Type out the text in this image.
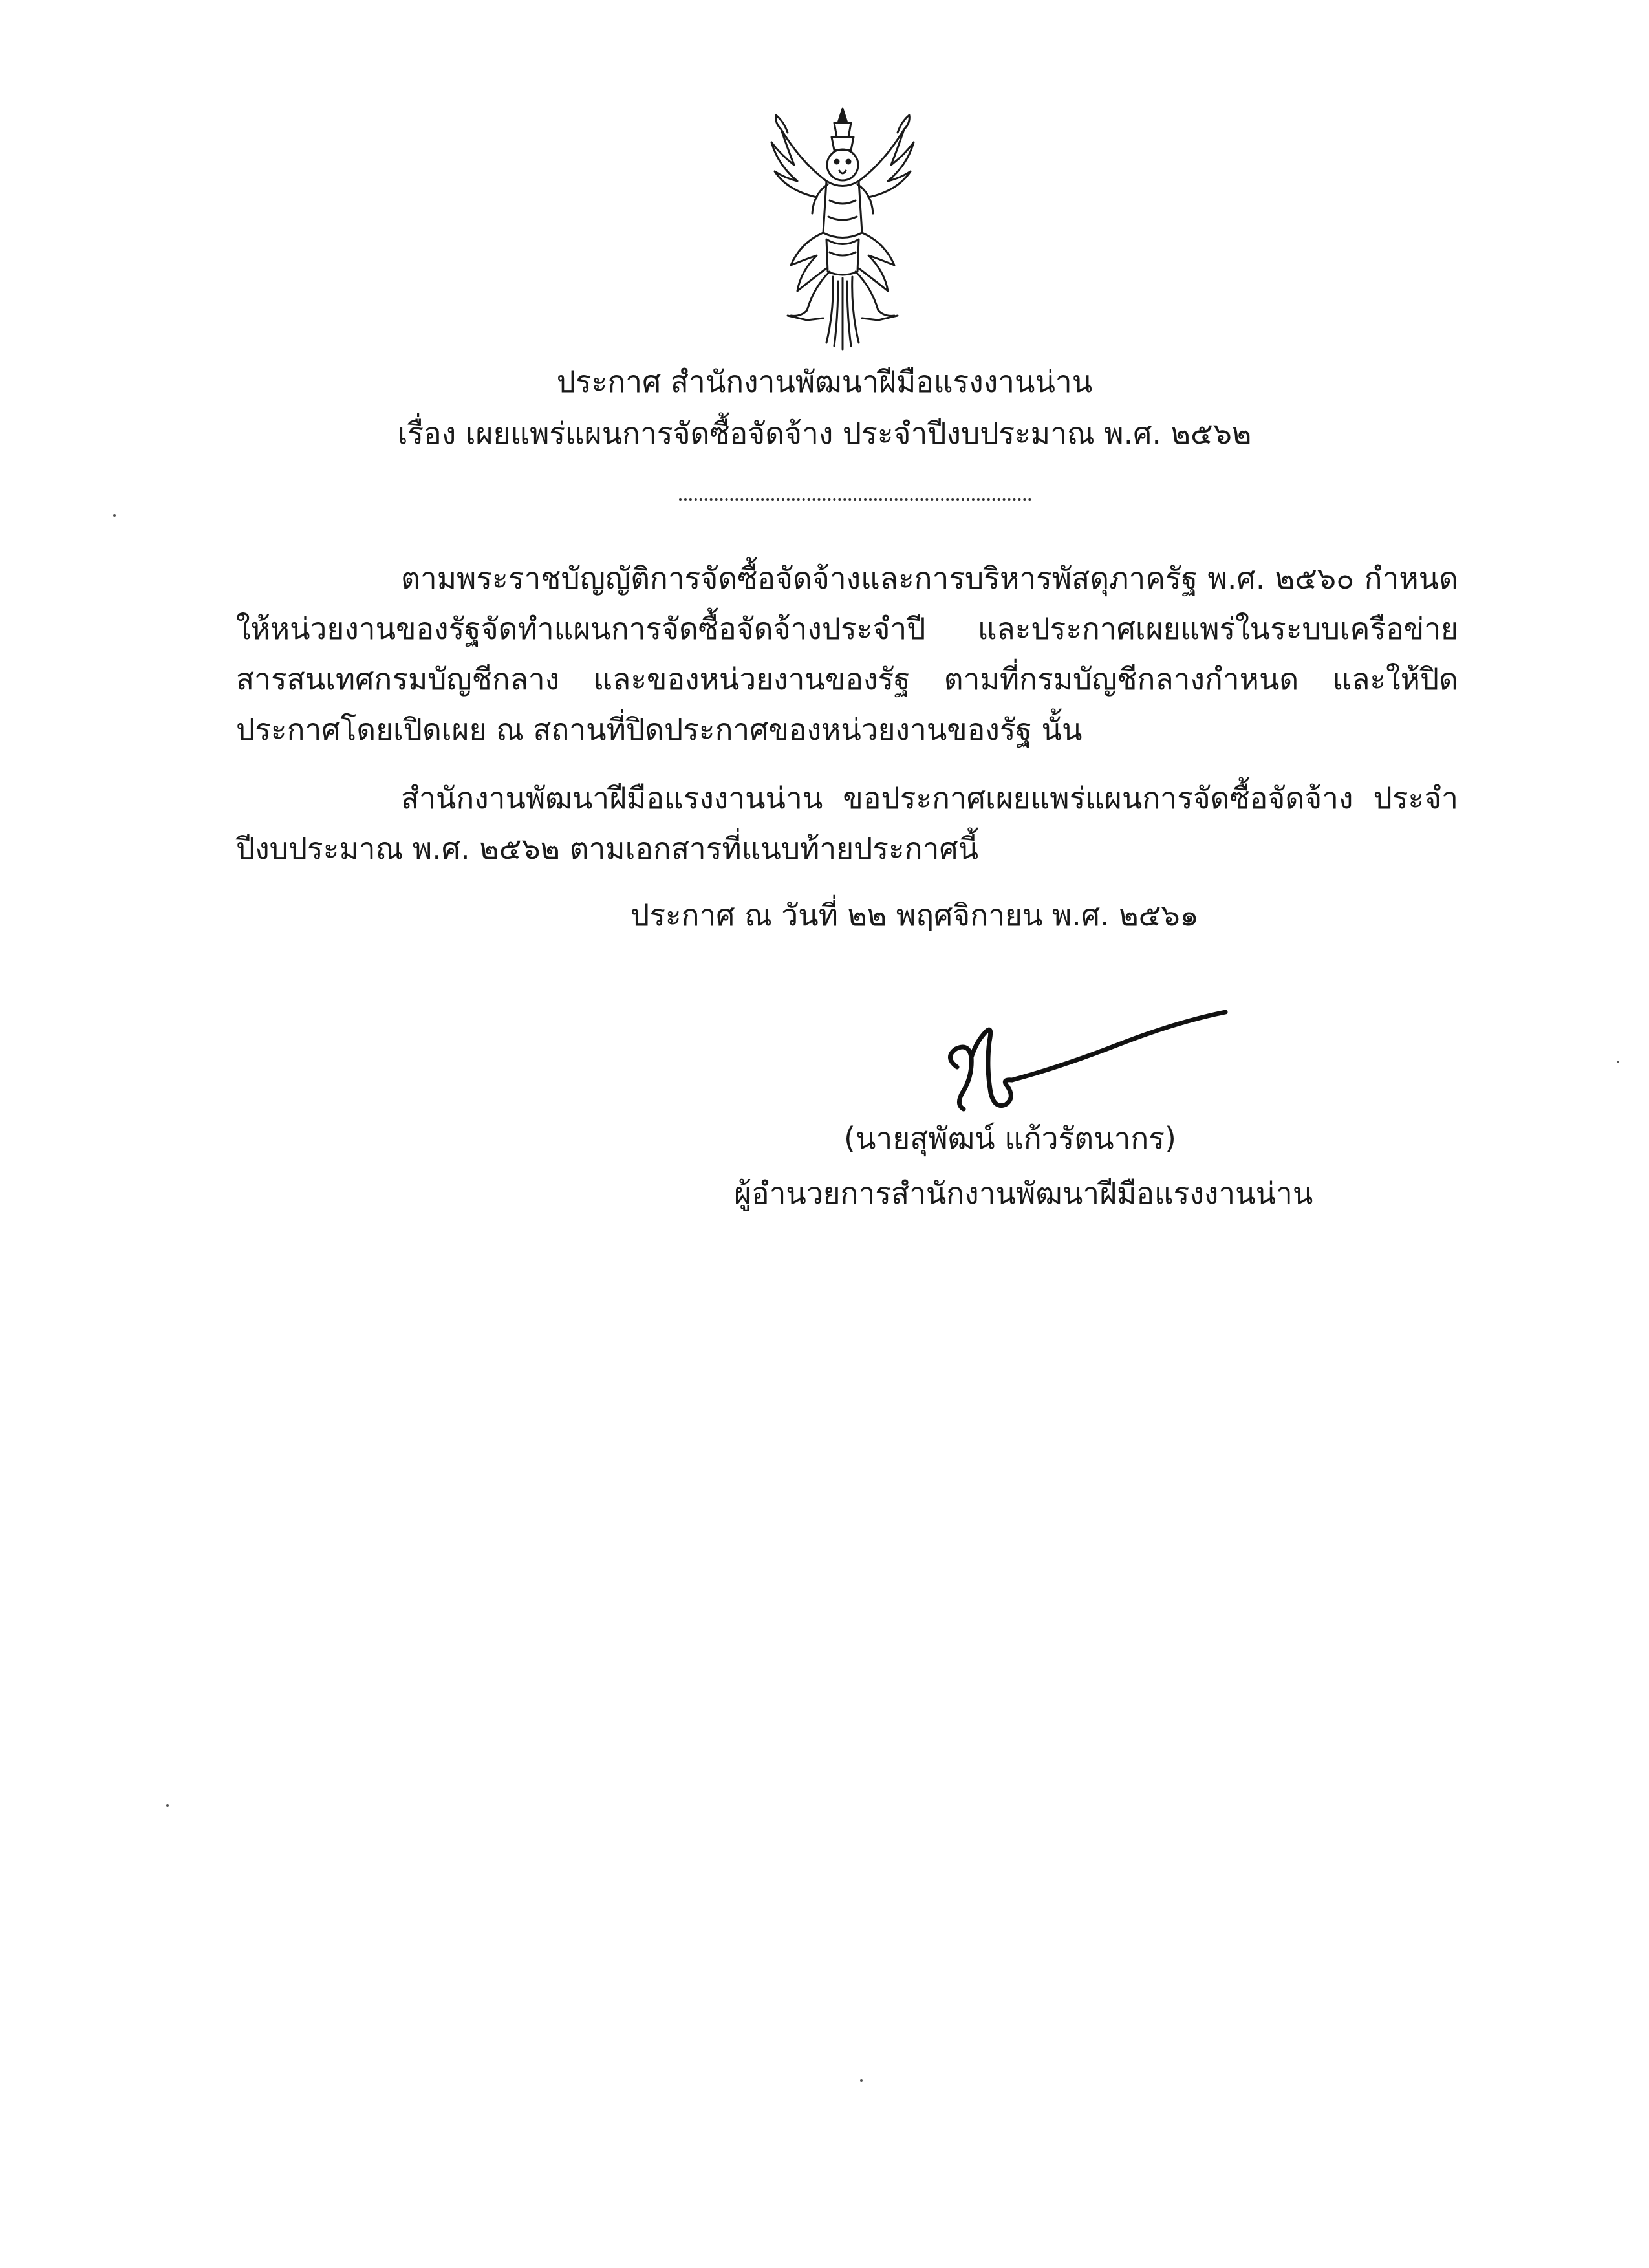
ประกาศ สำนักงานพัฒนาฝีมือแรงงานน่าน
เรื่อง เผยแพร่แผนการจัดซื้อจัดจ้าง ประจำปีงบประมาณ พ.ศ. ๒๕๖๒
ตามพระราชบัญญัติการจัดซื้อจัดจ้างและการบริหารพัสดุภาครัฐ พ.ศ. ๒๕๖๐ กำหนดให้หน่วยงานของรัฐจัดทำแผนการจัดซื้อจัดจ้างประจำปี และประกาศเผยแพร่ในระบบเครือข่ายสารสนเทศกรมบัญชีกลาง และของหน่วยงานของรัฐ ตามที่กรมบัญชีกลางกำหนด และให้ปิดประกาศโดยเปิดเผย ณ สถานที่ปิดประกาศของหน่วยงานของรัฐ นั้น
สำนักงานพัฒนาฝีมือแรงงานน่าน ขอประกาศเผยแพร่แผนการจัดซื้อจัดจ้าง ประจำปีงบประมาณ พ.ศ. ๒๕๖๒ ตามเอกสารที่แนบท้ายประกาศนี้
ประกาศ ณ วันที่ ๒๒ พฤศจิกายน พ.ศ. ๒๕๖๑
(นายสุพัฒน์ แก้วรัตนากร)
ผู้อำนวยการสำนักงานพัฒนาฝีมือแรงงานน่าน
